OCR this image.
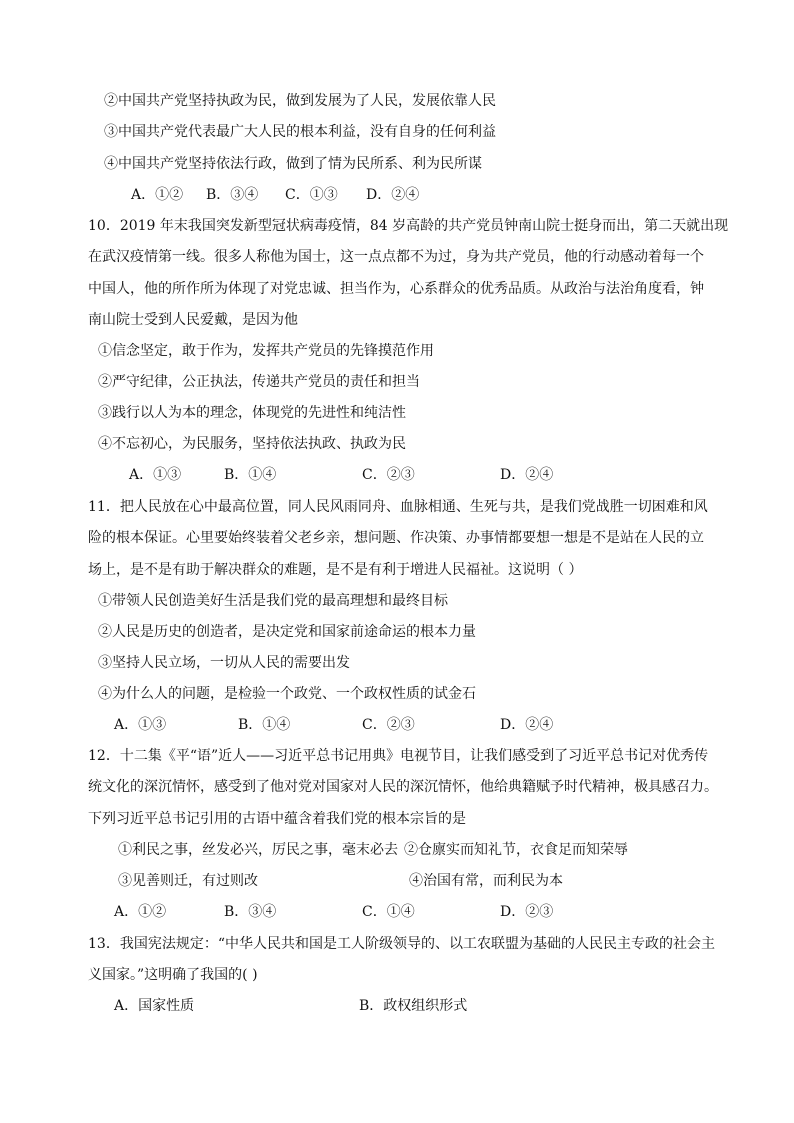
②中国共产党坚持执政为民，做到发展为了人民，发展依靠人民
③中国共产党代表最广大人民的根本利益，没有自身的任何利益
④中国共产党坚持依法行政，做到了情为民所系、利为民所谋
A．①② B．③④ C．①③ D．②④
10．2019 年末我国突发新型冠状病毒疫情，84 岁高龄的共产党员钟南山院士挺身而出，第二天就出现
在武汉疫情第一线。很多人称他为国士，这一点点都不为过，身为共产党员，他的行动感动着每一个
中国人，他的所作所为体现了对党忠诚、担当作为，心系群众的优秀品质。从政治与法治角度看，钟
南山院士受到人民爱戴，是因为他
①信念坚定，敢于作为，发挥共产党员的先锋摸范作用
②严守纪律，公正执法，传递共产党员的责任和担当
③践行以人为本的理念，体现党的先进性和纯洁性
④不忘初心，为民服务，坚持依法执政、执政为民
A．①③	B．①④	C．②③	D．②④
11．把人民放在心中最高位置，同人民风雨同舟、血脉相通、生死与共，是我们党战胜一切困难和风
险的根本保证。心里要始终装着父老乡亲，想问题、作决策、办事情都要想一想是不是站在人民的立
场上，是不是有助于解决群众的难题，是不是有利于增进人民福祉。这说明（ ）
①带领人民创造美好生活是我们党的最高理想和最终目标
②人民是历史的创造者，是决定党和国家前途命运的根本力量
③坚持人民立场，一切从人民的需要出发
④为什么人的问题，是检验一个政党、一个政权性质的试金石
A．①③	B．①④	C．②③	D．②④
12．十二集《平“语”近人——习近平总书记用典》电视节目，让我们感受到了习近平总书记对优秀传
统文化的深沉情怀，感受到了他对党对国家对人民的深沉情怀，他给典籍赋予时代精神，极具感召力。
下列习近平总书记引用的古语中蕴含着我们党的根本宗旨的是
①利民之事，丝发必兴，厉民之事，毫末必去 ②仓廪实而知礼节，衣食足而知荣辱
③见善则迁，有过则改	④治国有常，而利民为本
A．①②	B．③④	C．①④	D．②③
13．我国宪法规定：“中华人民共和国是工人阶级领导的、以工农联盟为基础的人民民主专政的社会主
义国家。”这明确了我国的( )
A．国家性质	B．政权组织形式
